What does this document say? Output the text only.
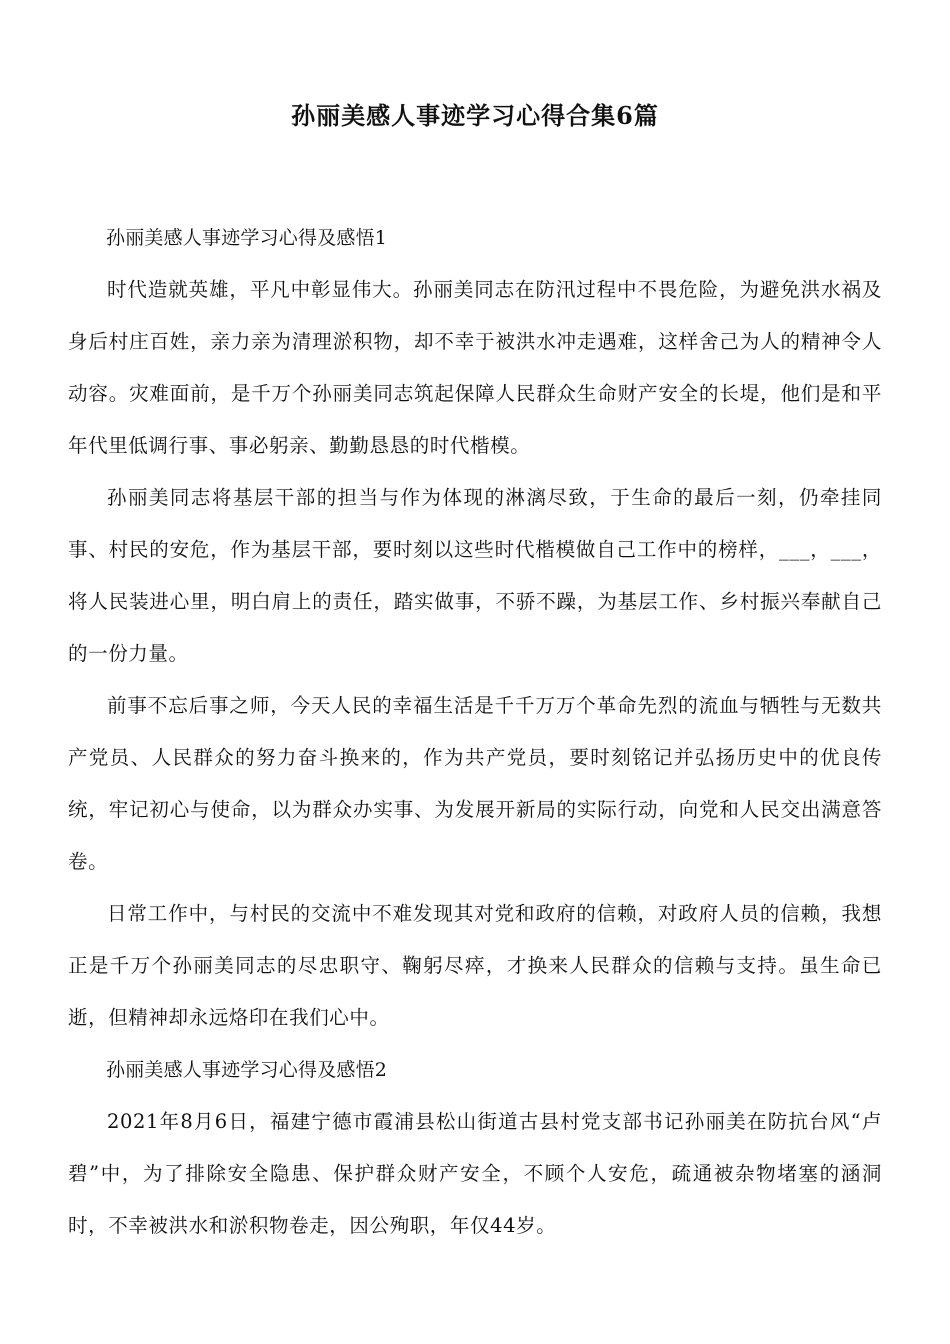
孙丽美感人事迹学习心得合集6篇

孙丽美感人事迹学习心得及感悟1

时代造就英雄，平凡中彰显伟大。孙丽美同志在防汛过程中不畏危险，为避免洪水祸及身后村庄百姓，亲力亲为清理淤积物，却不幸于被洪水冲走遇难，这样舍己为人的精神令人动容。灾难面前，是千万个孙丽美同志筑起保障人民群众生命财产安全的长堤，他们是和平年代里低调行事、事必躬亲、勤勤恳恳的时代楷模。

孙丽美同志将基层干部的担当与作为体现的淋漓尽致，于生命的最后一刻，仍牵挂同事、村民的安危，作为基层干部，要时刻以这些时代楷模做自己工作中的榜样，___，___，将人民装进心里，明白肩上的责任，踏实做事，不骄不躁，为基层工作、乡村振兴奉献自己的一份力量。

前事不忘后事之师，今天人民的幸福生活是千千万万个革命先烈的流血与牺牲与无数共产党员、人民群众的努力奋斗换来的，作为共产党员，要时刻铭记并弘扬历史中的优良传统，牢记初心与使命，以为群众办实事、为发展开新局的实际行动，向党和人民交出满意答卷。

日常工作中，与村民的交流中不难发现其对党和政府的信赖，对政府人员的信赖，我想正是千万个孙丽美同志的尽忠职守、鞠躬尽瘁，才换来人民群众的信赖与支持。虽生命已逝，但精神却永远烙印在我们心中。

孙丽美感人事迹学习心得及感悟2

2021年8月6日，福建宁德市霞浦县松山街道古县村党支部书记孙丽美在防抗台风“卢碧”中，为了排除安全隐患、保护群众财产安全，不顾个人安危，疏通被杂物堵塞的涵洞时，不幸被洪水和淤积物卷走，因公殉职，年仅44岁。
